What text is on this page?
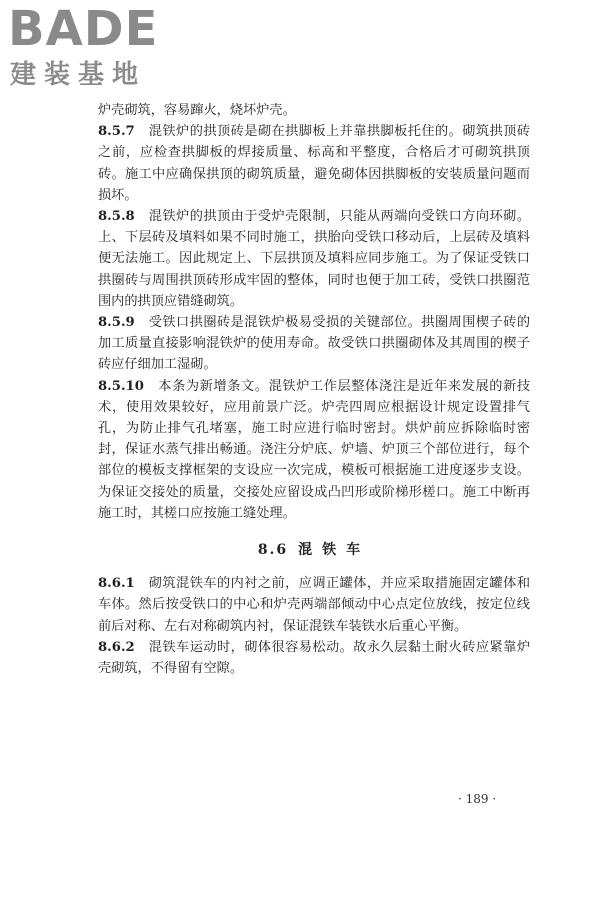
BADE
建装基地

炉壳砌筑，容易蹿火，烧坏炉壳。

8.5.7　 混铁炉的拱顶砖是砌在拱脚板上并靠拱脚板托住的。砌筑拱顶砖之前，应检查拱脚板的焊接质量、标高和平整度，合格后才可砌筑拱顶砖。施工中应确保拱顶的砌筑质量，避免砌体因拱脚板的安装质量问题而损坏。

8.5.8　 混铁炉的拱顶由于受炉壳限制，只能从两端向受铁口方向环砌。上、下层砖及填料如果不同时施工，拱胎向受铁口移动后，上层砖及填料便无法施工。因此规定上、下层拱顶及填料应同步施工。为了保证受铁口拱圈砖与周围拱顶砖形成牢固的整体，同时也便于加工砖，受铁口拱圈范围内的拱顶应错缝砌筑。

8.5.9　 受铁口拱圈砖是混铁炉极易受损的关键部位。拱圈周围楔子砖的加工质量直接影响混铁炉的使用寿命。故受铁口拱圈砌体及其周围的楔子砖应仔细加工湿砌。

8.5.10　 本条为新增条文。混铁炉工作层整体浇注是近年来发展的新技术，使用效果较好，应用前景广泛。炉壳四周应根据设计规定设置排气孔，为防止排气孔堵塞，施工时应进行临时密封。烘炉前应拆除临时密封，保证水蒸气排出畅通。浇注分炉底、炉墙、炉顶三个部位进行，每个部位的模板支撑框架的支设应一次完成，模板可根据施工进度逐步支设。为保证交接处的质量，交接处应留设成凸凹形或阶梯形槎口。施工中断再施工时，其槎口应按施工缝处理。

8.6 混铁车

8.6.1　 砌筑混铁车的内衬之前，应调正罐体，并应采取措施固定罐体和车体。然后按受铁口的中心和炉壳两端部倾动中心点定位放线，按定位线前后对称、左右对称砌筑内衬，保证混铁车装铁水后重心平衡。

8.6.2　 混铁车运动时，砌体很容易松动。故永久层黏土耐火砖应紧靠炉壳砌筑，不得留有空隙。

· 189 ·
